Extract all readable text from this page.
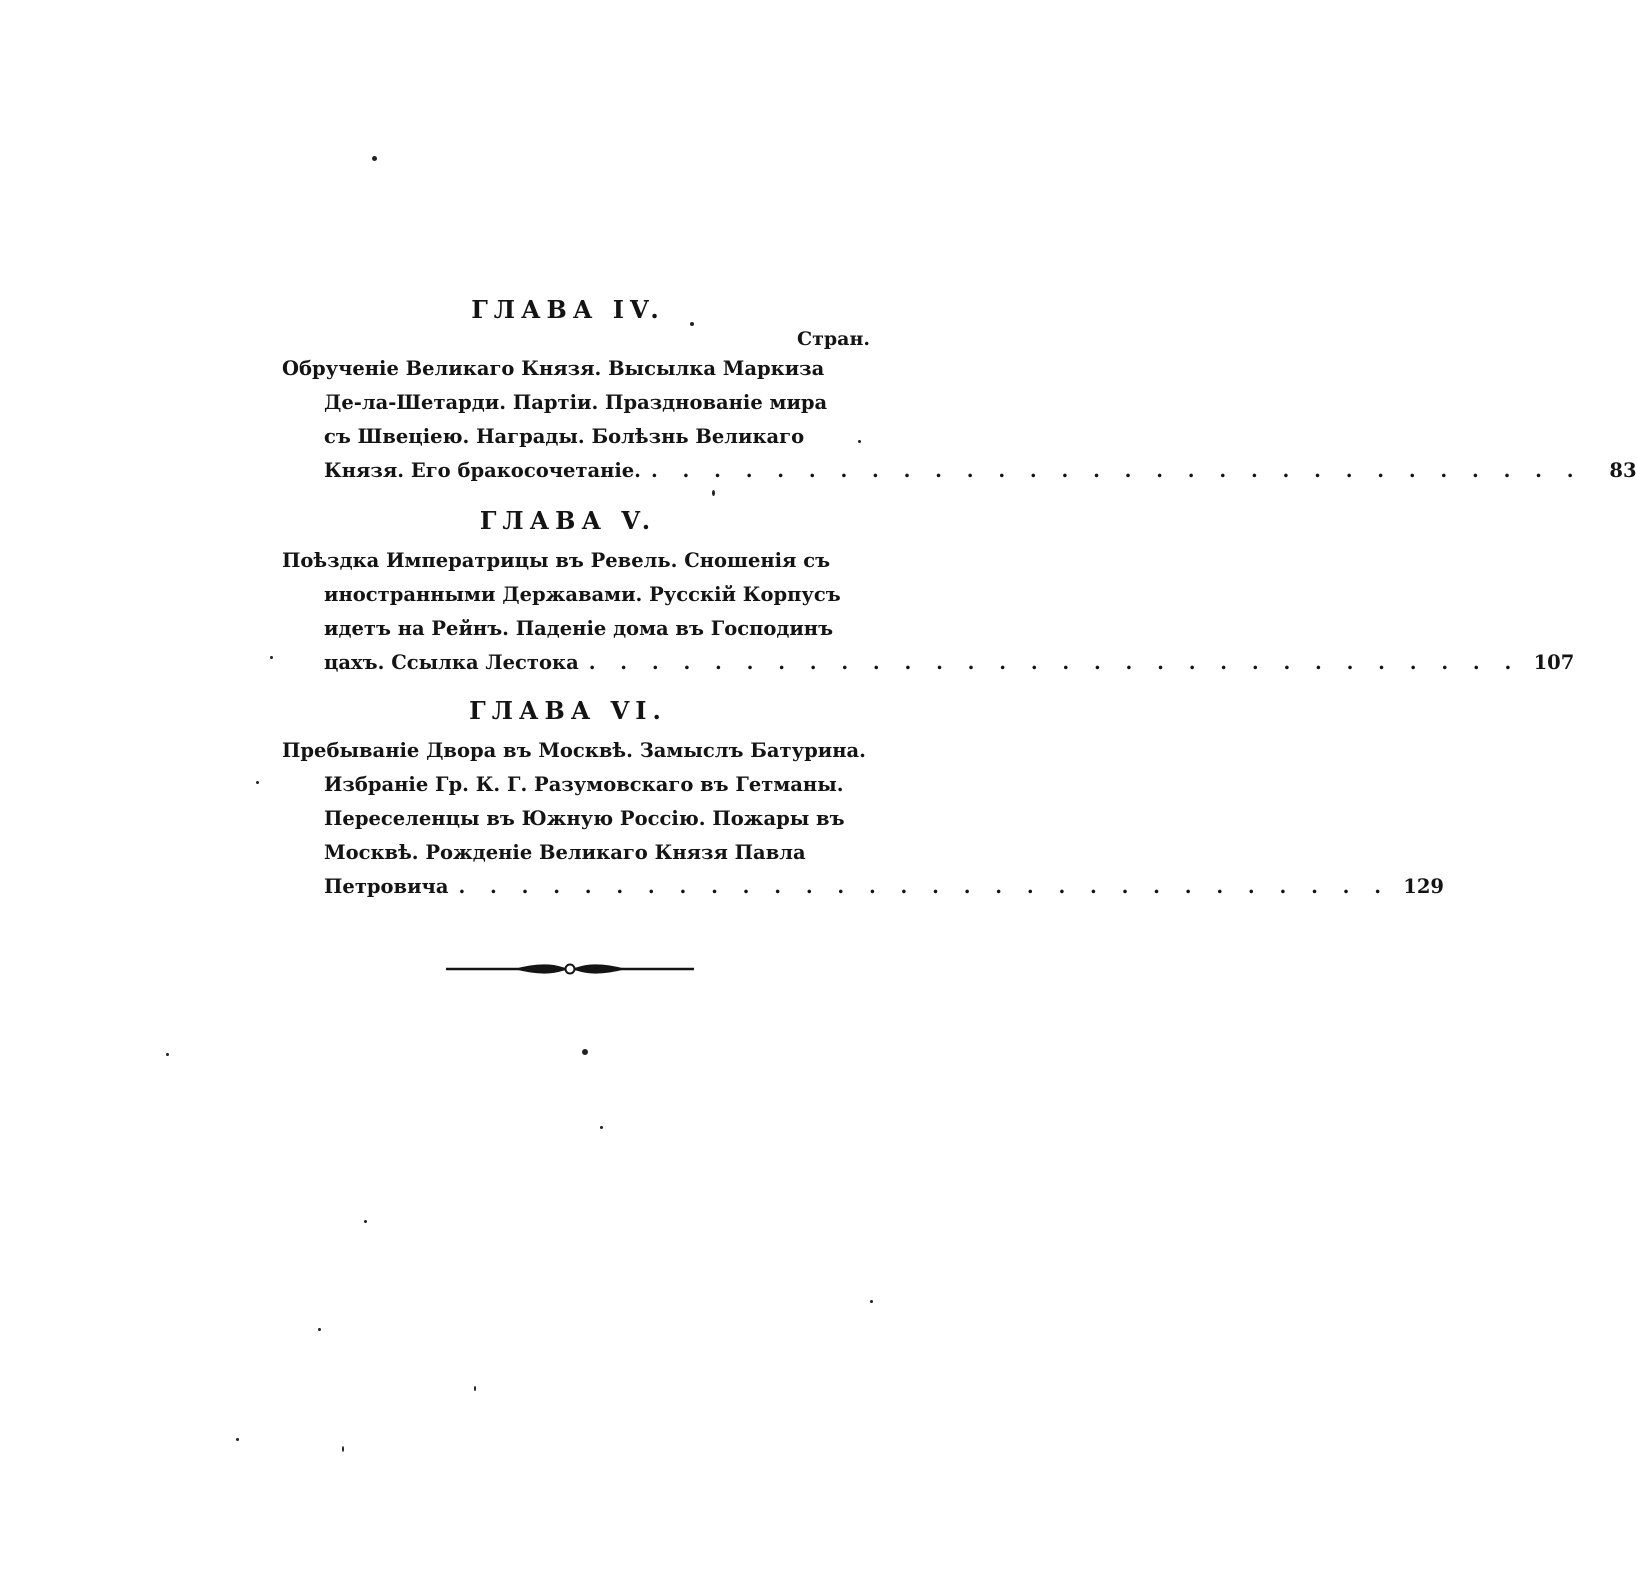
ГЛАВА IV.
Стран.
Обрученіе Великаго Князя. Высылка Маркиза
Де-ла-Шетарди. Партіи. Празднованіе мира
съ Швеціею. Награды. Болѣзнь Великаго
Князя. Его бракосочетаніе. . . . . . . . . . . . . . . . . . . . . . . . . . . . . . .	83
ГЛАВА V.
Поѣздка Императрицы въ Ревель. Сношенія съ
иностранными Державами. Русскій Корпусъ
идетъ на Рейнъ. Паденіе дома въ Господинъ
цахъ. Ссылка Лестока . . . . . . . . . . . . . . . . . . . . . . . . . . . . . . 107
ГЛАВА VI.
Пребываніе Двора въ Москвѣ. Замыслъ Батурина.
Избраніе Гр. К. Г. Разумовскаго въ Гетманы.
Переселенцы въ Южную Россію. Пожары въ
Москвѣ. Рожденіе Великаго Князя Павла
Петровича . . . . . . . . . . . . . . . . . . . . . . . . . . . . . . 129
